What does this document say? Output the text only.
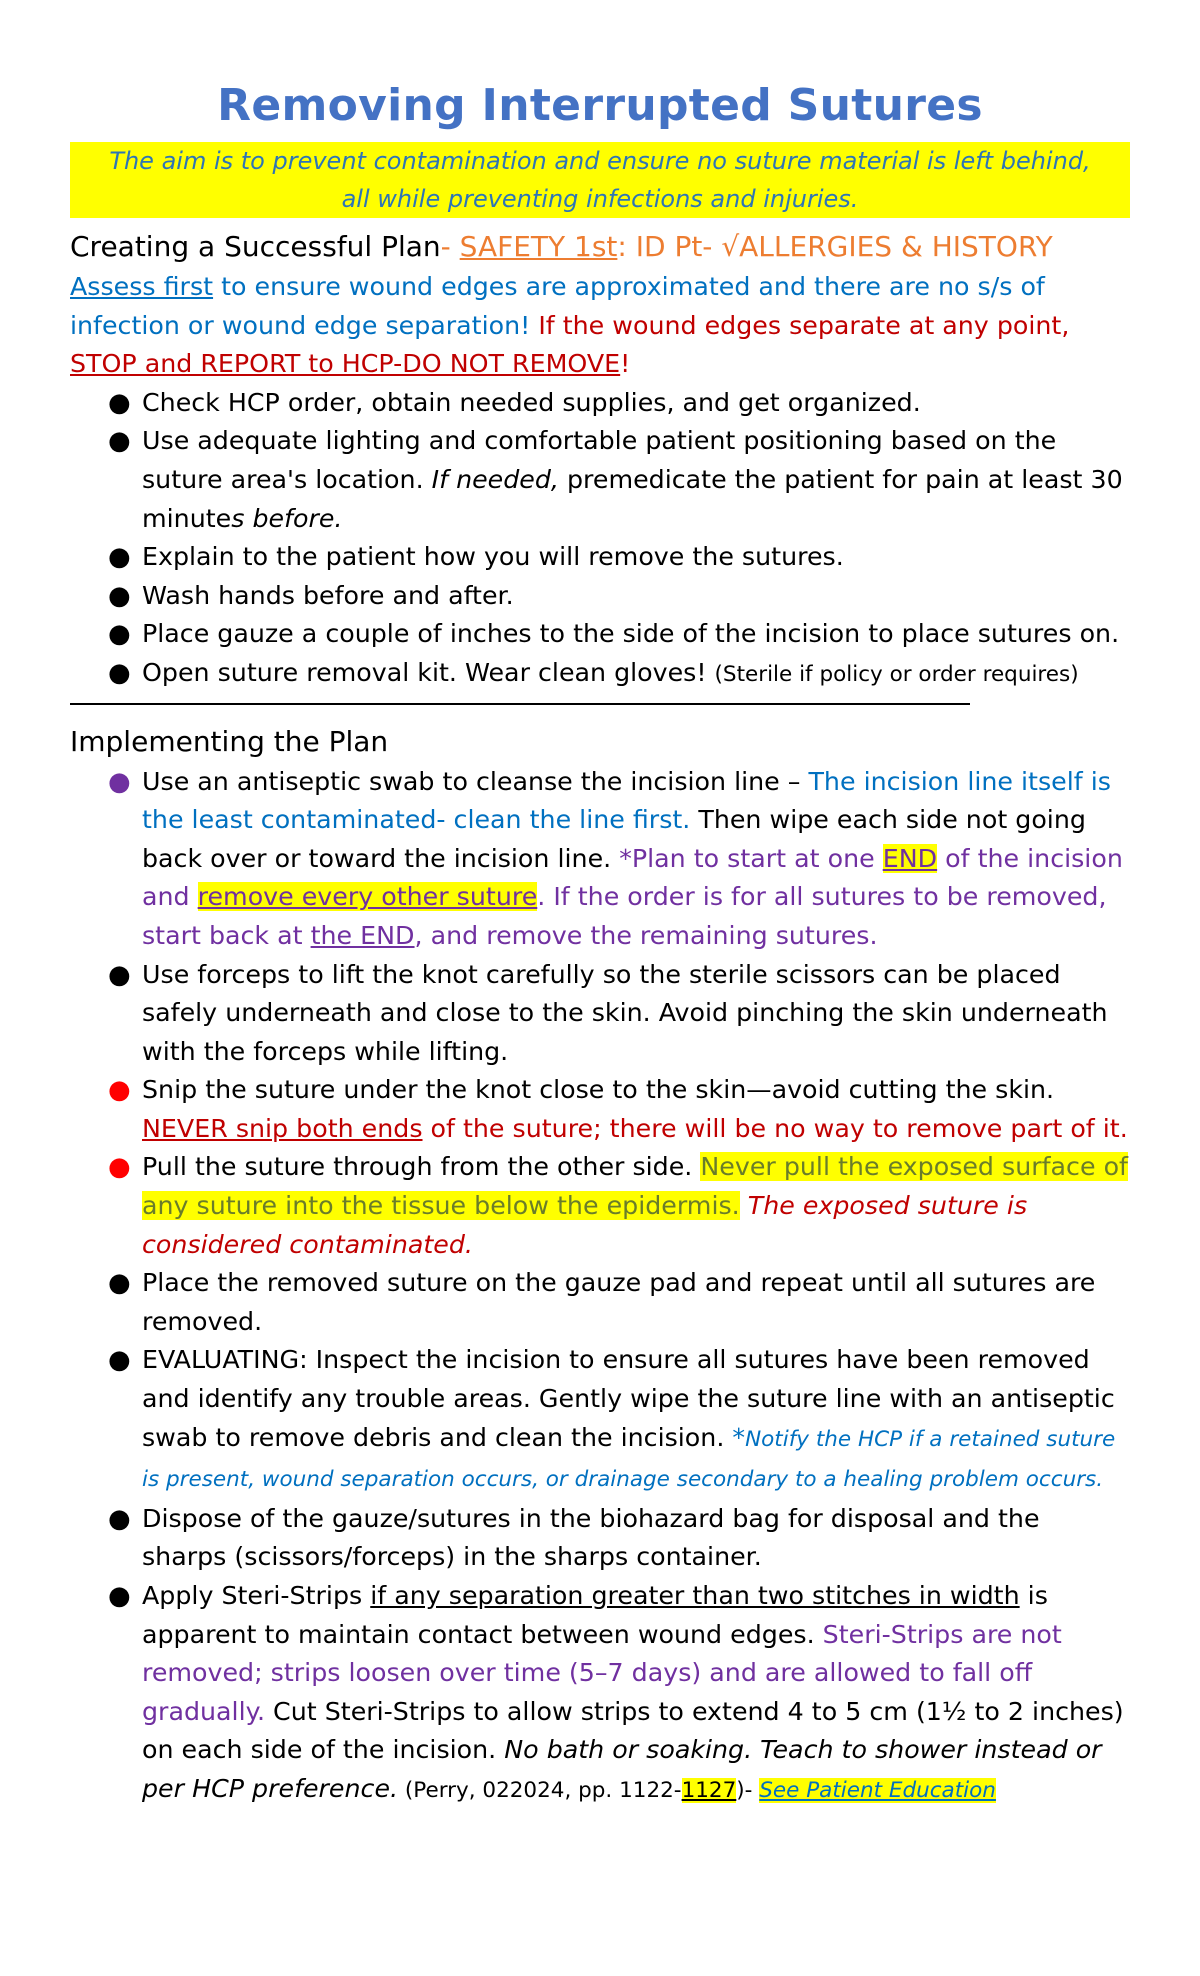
Removing Interrupted Sutures
The aim is to prevent contamination and ensure no suture material is left behind,
all while preventing infections and injuries.
Creating a Successful Plan- SAFETY 1st: ID Pt- √ALLERGIES & HISTORY
Assess first to ensure wound edges are approximated and there are no s/s of infection or wound edge separation! If the wound edges separate at any point, STOP and REPORT to HCP-DO NOT REMOVE!
● Check HCP order, obtain needed supplies, and get organized.
● Use adequate lighting and comfortable patient positioning based on the suture area's location. If needed, premedicate the patient for pain at least 30 minutes before.
● Explain to the patient how you will remove the sutures.
● Wash hands before and after.
● Place gauze a couple of inches to the side of the incision to place sutures on.
● Open suture removal kit. Wear clean gloves! (Sterile if policy or order requires)
Implementing the Plan
● Use an antiseptic swab to cleanse the incision line – The incision line itself is the least contaminated- clean the line first. Then wipe each side not going back over or toward the incision line. *Plan to start at one END of the incision and remove every other suture. If the order is for all sutures to be removed, start back at the END, and remove the remaining sutures.
● Use forceps to lift the knot carefully so the sterile scissors can be placed safely underneath and close to the skin. Avoid pinching the skin underneath with the forceps while lifting.
● Snip the suture under the knot close to the skin—avoid cutting the skin. NEVER snip both ends of the suture; there will be no way to remove part of it.
● Pull the suture through from the other side. Never pull the exposed surface of any suture into the tissue below the epidermis. The exposed suture is considered contaminated.
● Place the removed suture on the gauze pad and repeat until all sutures are removed.
● EVALUATING: Inspect the incision to ensure all sutures have been removed and identify any trouble areas. Gently wipe the suture line with an antiseptic swab to remove debris and clean the incision. *Notify the HCP if a retained suture is present, wound separation occurs, or drainage secondary to a healing problem occurs.
● Dispose of the gauze/sutures in the biohazard bag for disposal and the sharps (scissors/forceps) in the sharps container.
● Apply Steri-Strips if any separation greater than two stitches in width is apparent to maintain contact between wound edges. Steri-Strips are not removed; strips loosen over time (5–7 days) and are allowed to fall off gradually. Cut Steri-Strips to allow strips to extend 4 to 5 cm (1½ to 2 inches) on each side of the incision. No bath or soaking. Teach to shower instead or per HCP preference. (Perry, 022024, pp. 1122-1127)- See Patient Education
